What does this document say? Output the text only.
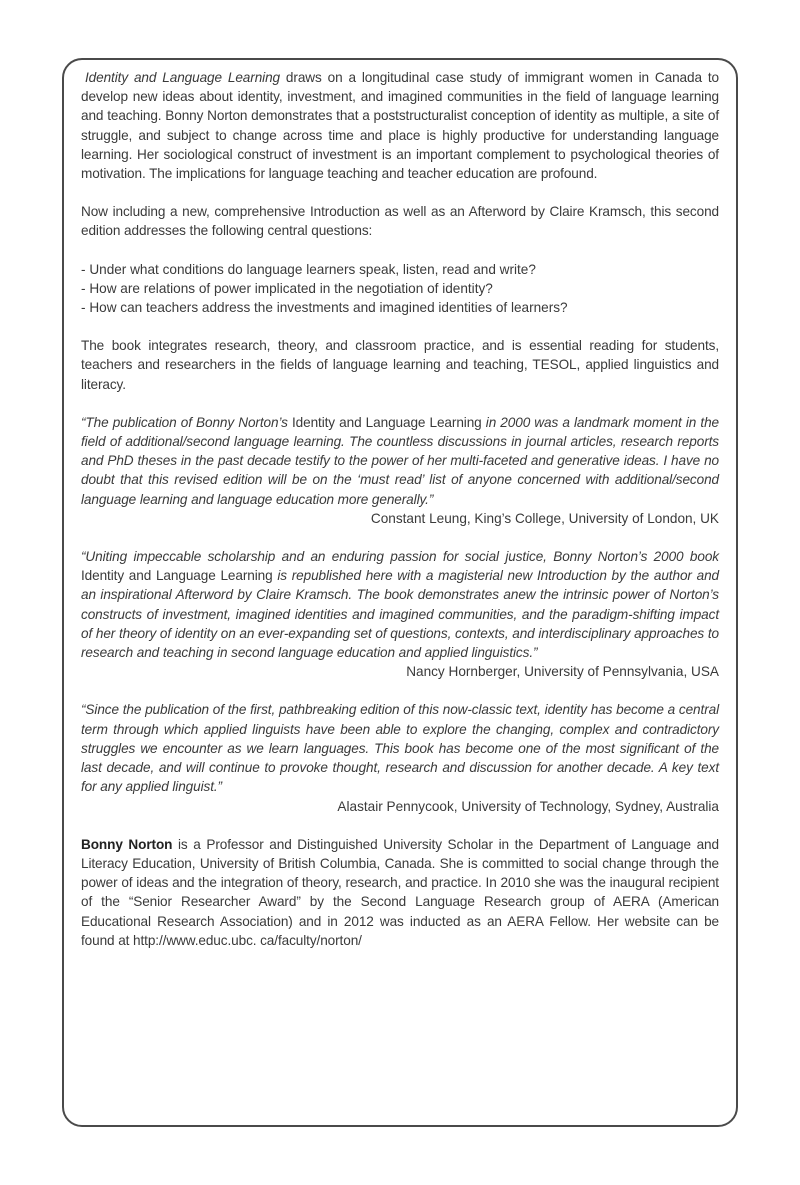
Identity and Language Learning draws on a longitudinal case study of immigrant women in Canada to develop new ideas about identity, investment, and imagined communities in the field of language learning and teaching. Bonny Norton demonstrates that a poststructuralist conception of identity as multiple, a site of struggle, and subject to change across time and place is highly productive for understanding language learning. Her sociological construct of investment is an important complement to psychological theories of motivation. The implications for language teaching and teacher education are profound.

Now including a new, comprehensive Introduction as well as an Afterword by Claire Kramsch, this second edition addresses the following central questions:

- Under what conditions do language learners speak, listen, read and write?
- How are relations of power implicated in the negotiation of identity?
- How can teachers address the investments and imagined identities of learners?

The book integrates research, theory, and classroom practice, and is essential reading for students, teachers and researchers in the fields of language learning and teaching, TESOL, applied linguistics and literacy.

“The publication of Bonny Norton’s Identity and Language Learning in 2000 was a landmark moment in the field of additional/second language learning. The countless discussions in journal articles, research reports and PhD theses in the past decade testify to the power of her multi-faceted and generative ideas. I have no doubt that this revised edition will be on the ‘must read’ list of anyone concerned with additional/second language learning and language education more generally.”

Constant Leung, King’s College, University of London, UK

“Uniting impeccable scholarship and an enduring passion for social justice, Bonny Norton’s 2000 book Identity and Language Learning is republished here with a magisterial new Introduction by the author and an inspirational Afterword by Claire Kramsch. The book demonstrates anew the intrinsic power of Norton’s constructs of investment, imagined identities and imagined communities, and the paradigm-shifting impact of her theory of identity on an ever-expanding set of questions, contexts, and interdisciplinary approaches to research and teaching in second language education and applied linguistics.”

Nancy Hornberger, University of Pennsylvania, USA

“Since the publication of the first, pathbreaking edition of this now-classic text, identity has become a central term through which applied linguists have been able to explore the changing, complex and contradictory struggles we encounter as we learn languages. This book has become one of the most significant of the last decade, and will continue to provoke thought, research and discussion for another decade. A key text for any applied linguist.”

Alastair Pennycook, University of Technology, Sydney, Australia

Bonny Norton is a Professor and Distinguished University Scholar in the Department of Language and Literacy Education, University of British Columbia, Canada. She is committed to social change through the power of ideas and the integration of theory, research, and practice. In 2010 she was the inaugural recipient of the “Senior Researcher Award” by the Second Language Research group of AERA (American Educational Research Association) and in 2012 was inducted as an AERA Fellow. Her website can be found at http://www.educ.ubc. ca/faculty/norton/
